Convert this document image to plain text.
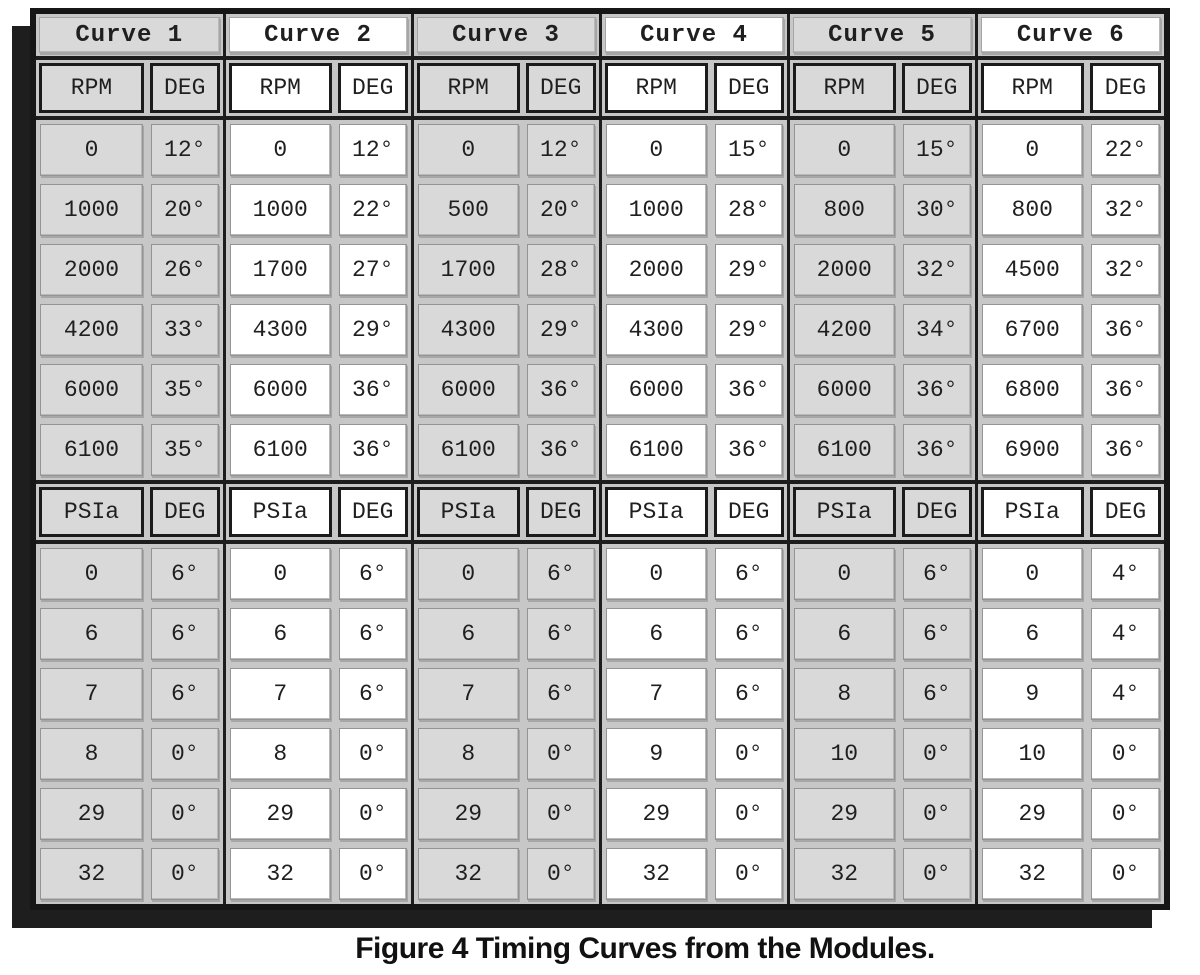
Curve 1		Curve 2		Curve 3		Curve 4		Curve 5		Curve 6	

RPM	DEG	RPM	DEG	RPM	DEG	RPM	DEG	RPM	DEG	RPM	DEG

0	12°	0	12°	0	12°	0	15°	0	15°	0	22°

1000	20°	1000	22°	500	20°	1000	28°	800	30°	800	32°

2000	26°	1700	27°	1700	28°	2000	29°	2000	32°	4500	32°

4200	33°	4300	29°	4300	29°	4300	29°	4200	34°	6700	36°

6000	35°	6000	36°	6000	36°	6000	36°	6000	36°	6800	36°

6100	35°	6100	36°	6100	36°	6100	36°	6100	36°	6900	36°

PSIa	DEG	PSIa	DEG	PSIa	DEG	PSIa	DEG	PSIa	DEG	PSIa	DEG

0	6°	0	6°	0	6°	0	6°	0	6°	0	4°

6	6°	6	6°	6	6°	6	6°	6	6°	6	4°

7	6°	7	6°	7	6°	7	6°	8	6°	9	4°

8	0°	8	0°	8	0°	9	0°	10	0°	10	0°

29	0°	29	0°	29	0°	29	0°	29	0°	29	0°

32	0°	32	0°	32	0°	32	0°	32	0°	32	0°
Figure 4 Timing Curves from the Modules.
